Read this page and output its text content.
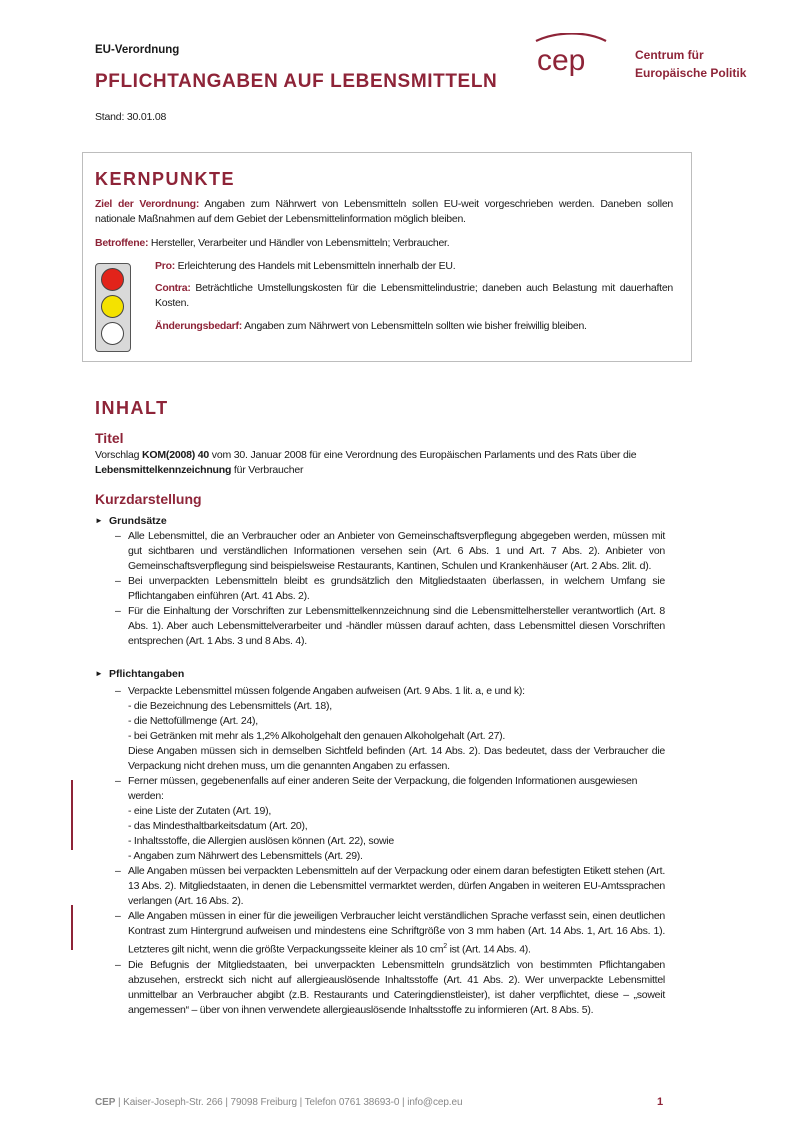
EU-Verordnung
PFLICHTANGABEN AUF LEBENSMITTELN
Stand: 30.01.08
cep	Centrum für
Europäische Politik
KERNPUNKTE

Ziel der Verordnung: Angaben zum Nährwert von Lebensmitteln sollen EU-weit vorgeschrieben werden. Daneben sollen nationale Maßnahmen auf dem Gebiet der Lebensmittelinformation möglich bleiben.

Betroffene: Hersteller, Verarbeiter und Händler von Lebensmitteln; Verbraucher.

Pro: Erleichterung des Handels mit Lebensmitteln innerhalb der EU.

Contra: Beträchtliche Umstellungskosten für die Lebensmittelindustrie; daneben auch Belastung mit dauerhaften Kosten.

Änderungsbedarf: Angaben zum Nährwert von Lebensmitteln sollten wie bisher freiwillig bleiben.

INHALT
Titel

Vorschlag KOM(2008) 40 vom 30. Januar 2008 für eine Verordnung des Europäischen Parlaments und des Rats über die Lebensmittelkennzeichnung für Verbraucher

Kurzdarstellung
► Grundsätze
– Alle Lebensmittel, die an Verbraucher oder an Anbieter von Gemeinschaftsverpflegung abgegeben werden, müssen mit gut sichtbaren und verständlichen Informationen versehen sein (Art. 6 Abs. 1 und Art. 7 Abs. 2). Anbieter von Gemeinschaftsverpflegung sind beispielsweise Restaurants, Kantinen, Schulen und Krankenhäuser (Art. 2 Abs. 2lit. d).
– Bei unverpackten Lebensmitteln bleibt es grundsätzlich den Mitgliedstaaten überlassen, in welchem Umfang sie Pflichtangaben einführen (Art. 41 Abs. 2).
– Für die Einhaltung der Vorschriften zur Lebensmittelkennzeichnung sind die Lebensmittelhersteller verantwortlich (Art. 8 Abs. 1). Aber auch Lebensmittelverarbeiter und -händler müssen darauf achten, dass Lebensmittel diesen Vorschriften entsprechen (Art. 1 Abs. 3 und 8 Abs. 4).
► Pflichtangaben
– Verpackte Lebensmittel müssen folgende Angaben aufweisen (Art. 9 Abs. 1 lit. a, e und k):
- die Bezeichnung des Lebensmittels (Art. 18),
- die Nettofüllmenge (Art. 24),
- bei Getränken mit mehr als 1,2% Alkoholgehalt den genauen Alkoholgehalt (Art. 27).
Diese Angaben müssen sich in demselben Sichtfeld befinden (Art. 14 Abs. 2). Das bedeutet, dass der Verbraucher die Verpackung nicht drehen muss, um die genannten Angaben zu erfassen.
– Ferner müssen, gegebenenfalls auf einer anderen Seite der Verpackung, die folgenden Informationen ausgewiesen werden:
- eine Liste der Zutaten (Art. 19),
- das Mindesthaltbarkeitsdatum (Art. 20),
- Inhaltsstoffe, die Allergien auslösen können (Art. 22), sowie
- Angaben zum Nährwert des Lebensmittels (Art. 29).
– Alle Angaben müssen bei verpackten Lebensmitteln auf der Verpackung oder einem daran befestigten Etikett stehen (Art. 13 Abs. 2). Mitgliedstaaten, in denen die Lebensmittel vermarktet werden, dürfen Angaben in weiteren EU-Amtssprachen verlangen (Art. 16 Abs. 2).
– Alle Angaben müssen in einer für die jeweiligen Verbraucher leicht verständlichen Sprache verfasst sein, einen deutlichen Kontrast zum Hintergrund aufweisen und mindestens eine Schriftgröße von 3 mm haben (Art. 14 Abs. 1, Art. 16 Abs. 1). Letzteres gilt nicht, wenn die größte Verpackungsseite kleiner als 10 $cm^2$ ist (Art. 14 Abs. 4).
– Die Befugnis der Mitgliedstaaten, bei unverpackten Lebensmitteln grundsätzlich von bestimmten Pflichtangaben abzusehen, erstreckt sich nicht auf allergieauslösende Inhaltsstoffe (Art. 41 Abs. 2). Wer unverpackte Lebensmittel unmittelbar an Verbraucher abgibt (z.B. Restaurants und Cateringdienstleister), ist daher verpflichtet, diese – „soweit angemessen“ – über von ihnen verwendete allergieauslösende Inhaltsstoffe zu informieren (Art. 8 Abs. 5).
CEP | Kaiser-Joseph-Str. 266 | 79098 Freiburg | Telefon 0761 38693-0 | info@cep.eu	1
